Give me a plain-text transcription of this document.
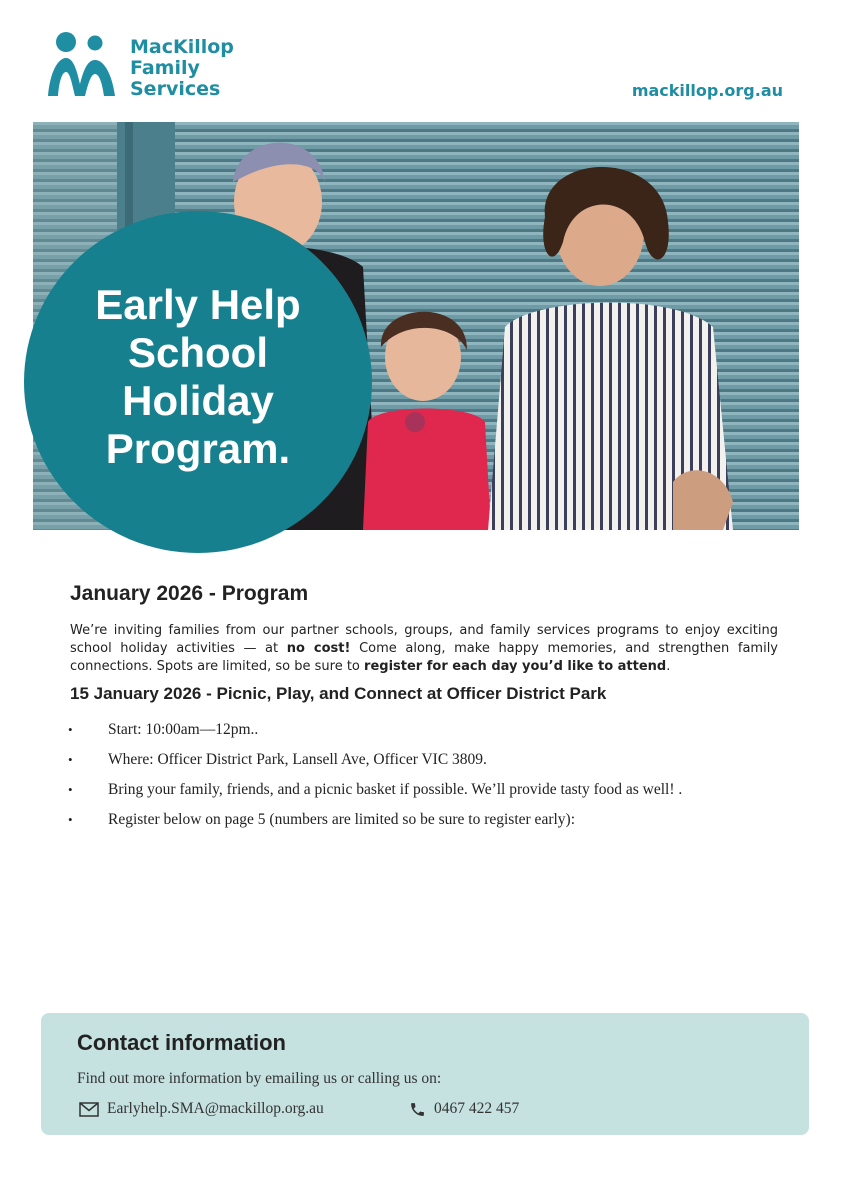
MacKillop
Family
Services	mackillop.org.au
Early Help
School
Holiday
Program.
January 2026 - Program
We’re inviting families from our partner schools, groups, and family services programs to enjoy exciting school holiday activities — at no cost! Come along, make happy memories, and strengthen family connections. Spots are limited, so be sure to register for each day you’d like to attend.
15 January 2026 - Picnic, Play, and Connect at Officer District Park
• Start: 10:00am—12pm..
• Where: Officer District Park, Lansell Ave, Officer VIC 3809.
• Bring your family, friends, and a picnic basket if possible. We’ll provide tasty food as well! .
• Register below on page 5 (numbers are limited so be sure to register early):
Contact information
Find out more information by emailing us or calling us on:
Earlyhelp.SMA@mackillop.org.au	0467 422 457
